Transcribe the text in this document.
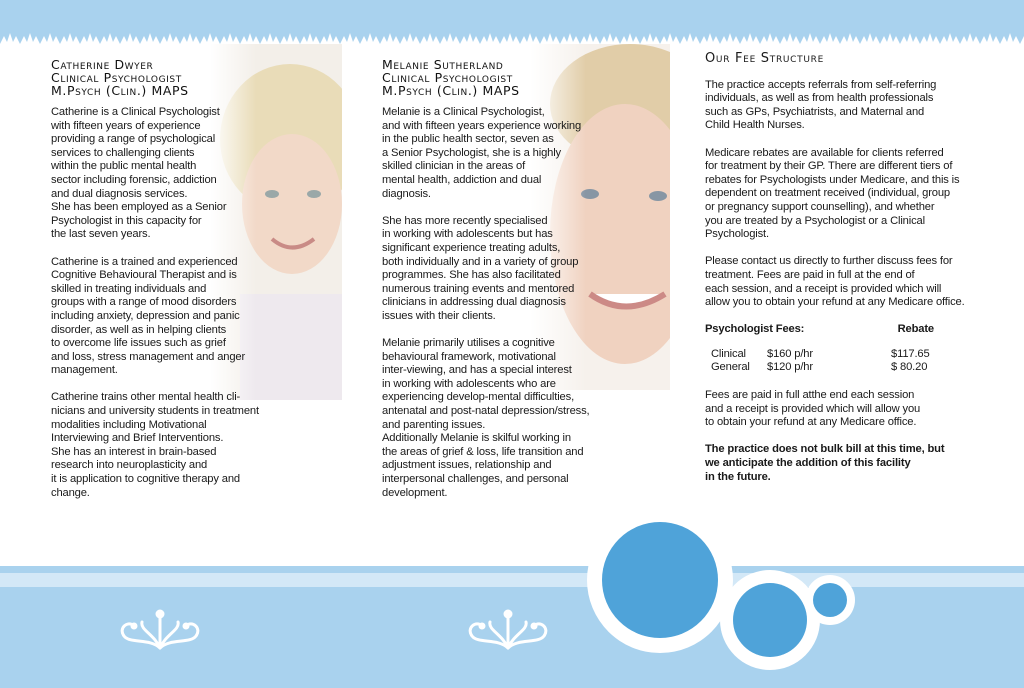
Catherine Dwyer
Clinical Psychologist
M.Psych (Clin.) MAPS
Catherine is a Clinical Psychologist
with fifteen years of experience
providing a range of psychological
services to challenging clients
within the public mental health
sector including forensic, addiction
and dual diagnosis services.
She has been employed as a Senior
Psychologist in this capacity for
the last seven years.
Catherine is a trained and experienced
Cognitive Behavioural Therapist and is
skilled in treating individuals and
groups with a range of mood disorders
including anxiety, depression and panic
disorder, as well as in helping clients
to overcome life issues such as grief
and loss, stress management and anger
management.
Catherine trains other mental health cli-
nicians and university students in treatment
modalities including Motivational
Interviewing and Brief Interventions.
She has an interest in brain-based
research into neuroplasticity and
it is application to cognitive therapy and
change.
Melanie Sutherland
Clinical Psychologist
M.Psych (Clin.) MAPS
Melanie is a Clinical Psychologist,
and with fifteen years experience working
in the public health sector, seven as
a Senior Psychologist, she is a highly
skilled clinician in the areas of
mental health, addiction and dual
diagnosis.
She has more recently specialised
in working with adolescents but has
significant experience treating adults,
both individually and in a variety of group
programmes. She has also facilitated
numerous training events and mentored
clinicians in addressing dual diagnosis
issues with their clients.
Melanie primarily utilises a cognitive
behavioural framework, motivational
inter-viewing, and has a special interest
in working with adolescents who are
experiencing develop-mental difficulties,
antenatal and post-natal depression/stress,
and parenting issues.
Additionally Melanie is skilful working in
the areas of grief & loss, life transition and
adjustment issues, relationship and
interpersonal challenges, and personal
development.
Our Fee Structure
The practice accepts referrals from self-referring
individuals, as well as from health professionals
such as GPs, Psychiatrists, and Maternal and
Child Health Nurses.
Medicare rebates are available for clients referred
for treatment by their GP. There are different tiers of
rebates for Psychologists under Medicare, and this is
dependent on treatment received (individual, group
or pregnancy support counselling), and whether
you are treated by a Psychologist or a Clinical
Psychologist.
Please contact us directly to further discuss fees for
treatment. Fees are paid in full at the end of
each session, and a receipt is provided which will
allow you to obtain your refund at any Medicare office.
Psychologist Fees:	Rebate
Clinical	$160 p/hr	$117.65
General	$120 p/hr	$ 80.20
Fees are paid in full atthe end each session
and a receipt is provided which will allow you
to obtain your refund at any Medicare office.
The practice does not bulk bill at this time, but
we anticipate the addition of this facility
in the future.
